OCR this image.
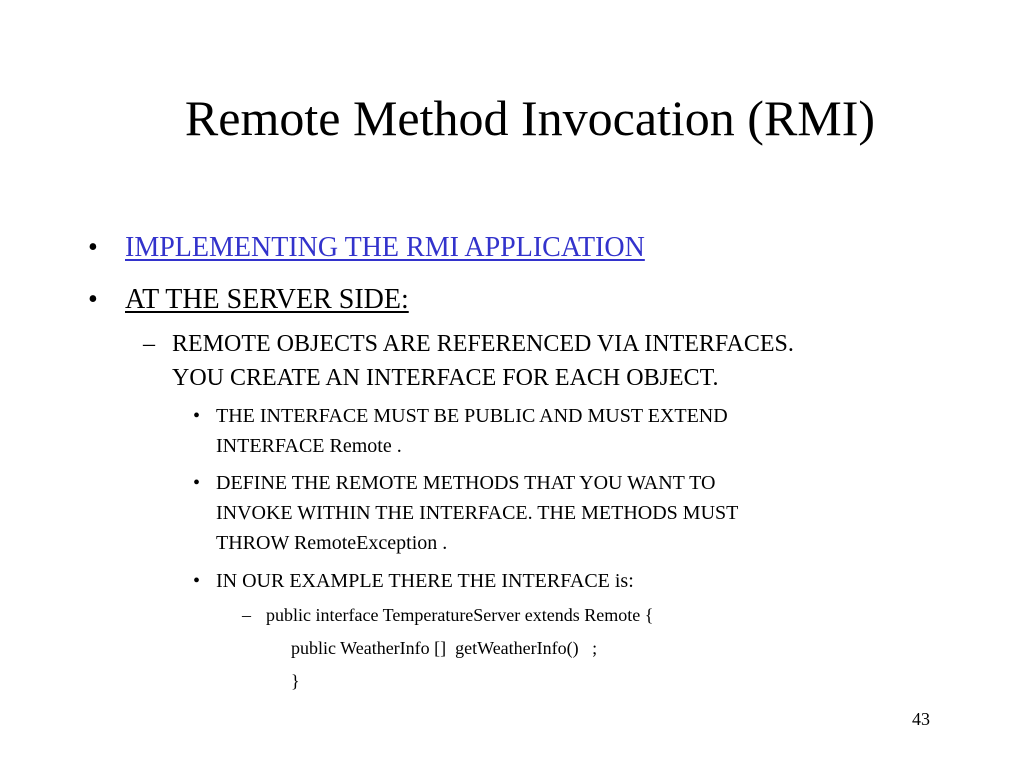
Remote Method Invocation (RMI)
• IMPLEMENTING THE RMI APPLICATION
• AT THE SERVER SIDE:
– REMOTE OBJECTS ARE REFERENCED VIA INTERFACES.
YOU CREATE AN INTERFACE FOR EACH OBJECT.
• THE INTERFACE MUST BE PUBLIC AND MUST EXTEND
INTERFACE Remote .
• DEFINE THE REMOTE METHODS THAT YOU WANT TO
INVOKE WITHIN THE INTERFACE. THE METHODS MUST
THROW RemoteException .
• IN OUR EXAMPLE THERE THE INTERFACE is:
– public interface TemperatureServer extends Remote {
public WeatherInfo []  getWeatherInfo()   ;
}
43
